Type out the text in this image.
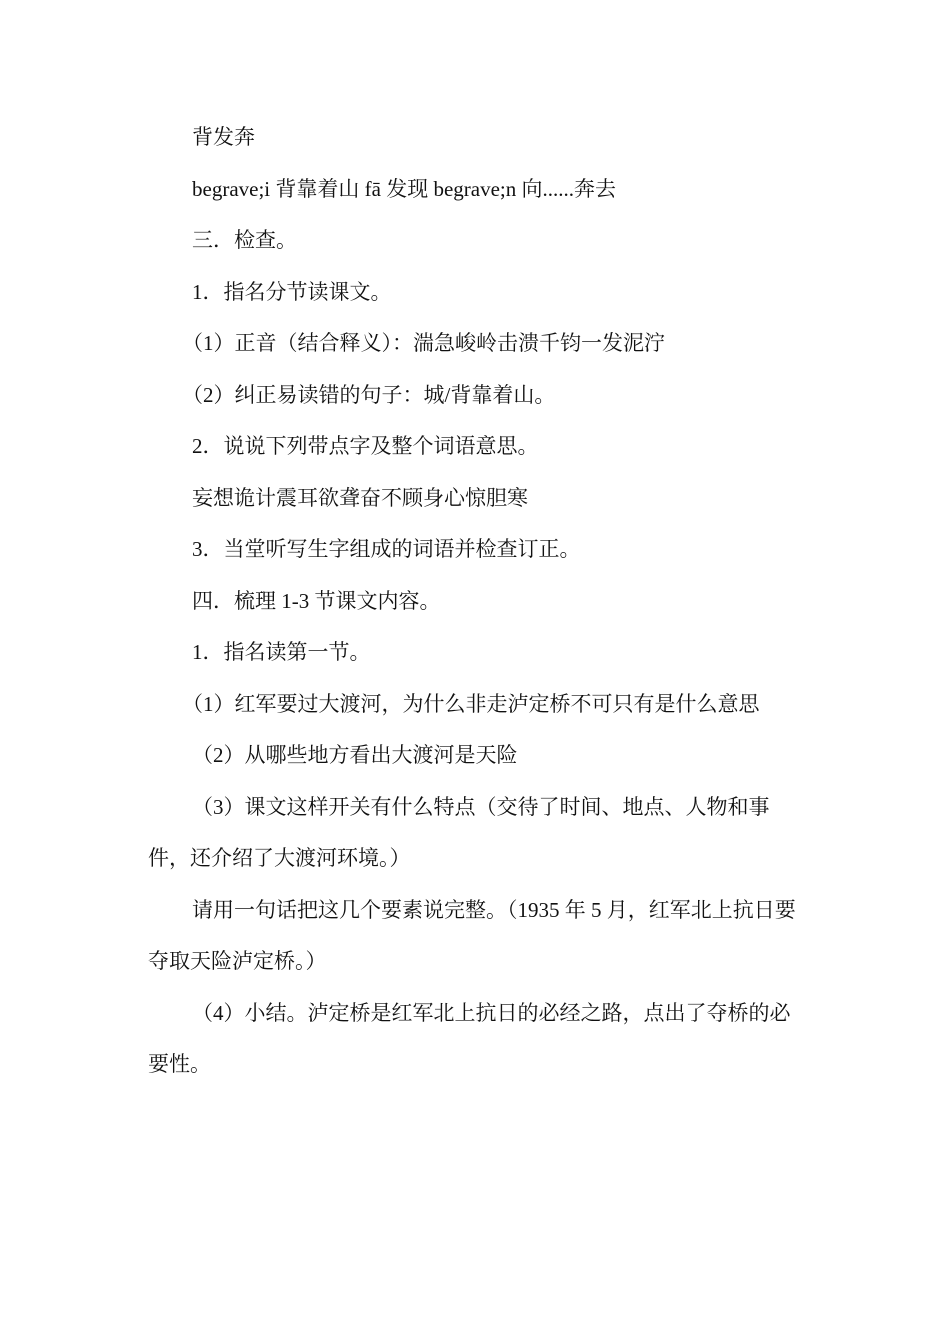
背发奔

begrave;i 背靠着山 fā 发现 begrave;n 向......奔去

三．检查。

1．指名分节读课文。

（1）正音（结合释义）：湍急峻岭击溃千钧一发泥泞

（2）纠正易读错的句子：城/背靠着山。

2．说说下列带点字及整个词语意思。

妄想诡计震耳欲聋奋不顾身心惊胆寒

3．当堂听写生字组成的词语并检查订正。

四．梳理 1-3 节课文内容。

1．指名读第一节。

（1）红军要过大渡河，为什么非走泸定桥不可只有是什么意思

（2）从哪些地方看出大渡河是天险

（3）课文这样开关有什么特点（交待了时间、地点、人物和事件，还介绍了大渡河环境。）

请用一句话把这几个要素说完整。（1935 年 5 月，红军北上抗日要夺取天险泸定桥。）

（4）小结。泸定桥是红军北上抗日的必经之路，点出了夺桥的必要性。
